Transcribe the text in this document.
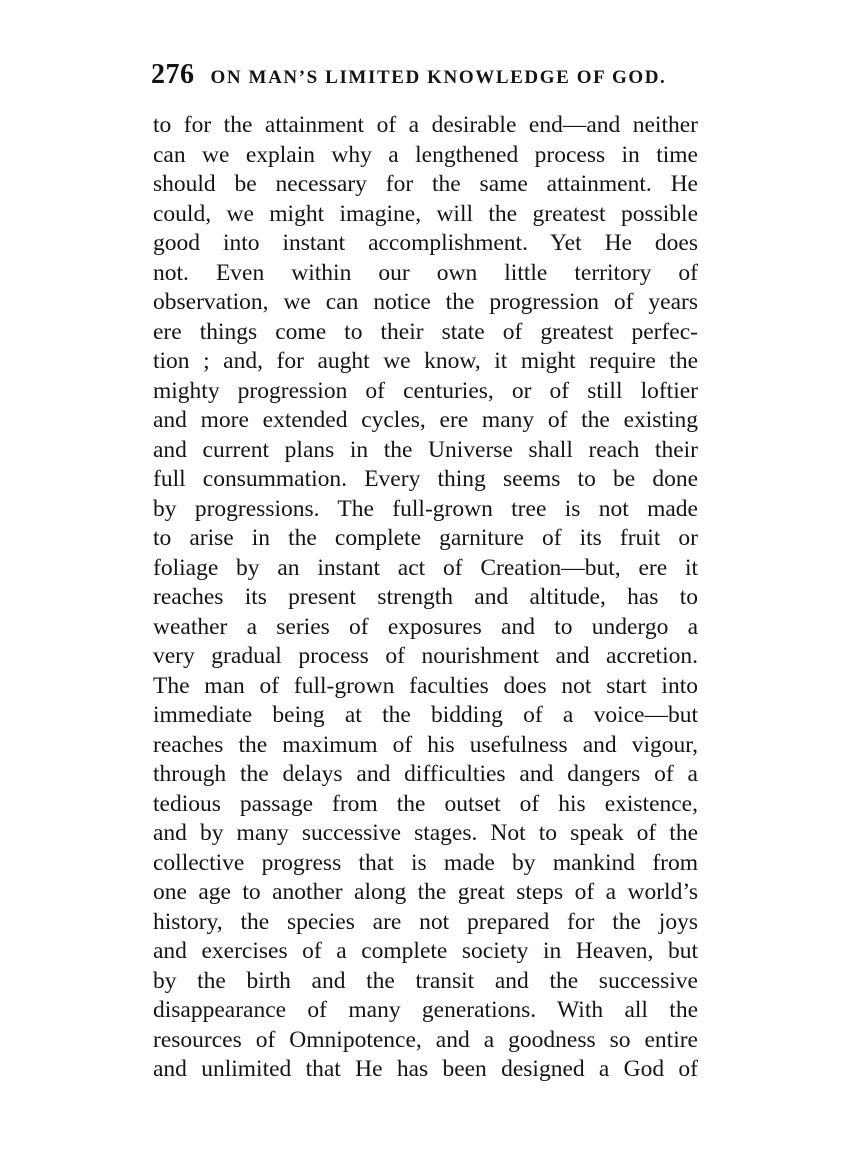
276 ON MAN’S LIMITED KNOWLEDGE OF GOD.
to for the attainment of a desirable end—and neither
can we explain why a lengthened process in time
should be necessary for the same attainment. He
could, we might imagine, will the greatest possible
good into instant accomplishment. Yet He does
not. Even within our own little territory of
observation, we can notice the progression of years
ere things come to their state of greatest perfec-
tion ; and, for aught we know, it might require the
mighty progression of centuries, or of still loftier
and more extended cycles, ere many of the existing
and current plans in the Universe shall reach their
full consummation. Every thing seems to be done
by progressions. The full-grown tree is not made
to arise in the complete garniture of its fruit or
foliage by an instant act of Creation—but, ere it
reaches its present strength and altitude, has to
weather a series of exposures and to undergo a
very gradual process of nourishment and accretion.
The man of full-grown faculties does not start into
immediate being at the bidding of a voice—but
reaches the maximum of his usefulness and vigour,
through the delays and difficulties and dangers of a
tedious passage from the outset of his existence,
and by many successive stages. Not to speak of the
collective progress that is made by mankind from
one age to another along the great steps of a world’s
history, the species are not prepared for the joys
and exercises of a complete society in Heaven, but
by the birth and the transit and the successive
disappearance of many generations. With all the
resources of Omnipotence, and a goodness so entire
and unlimited that He has been designed a God of
